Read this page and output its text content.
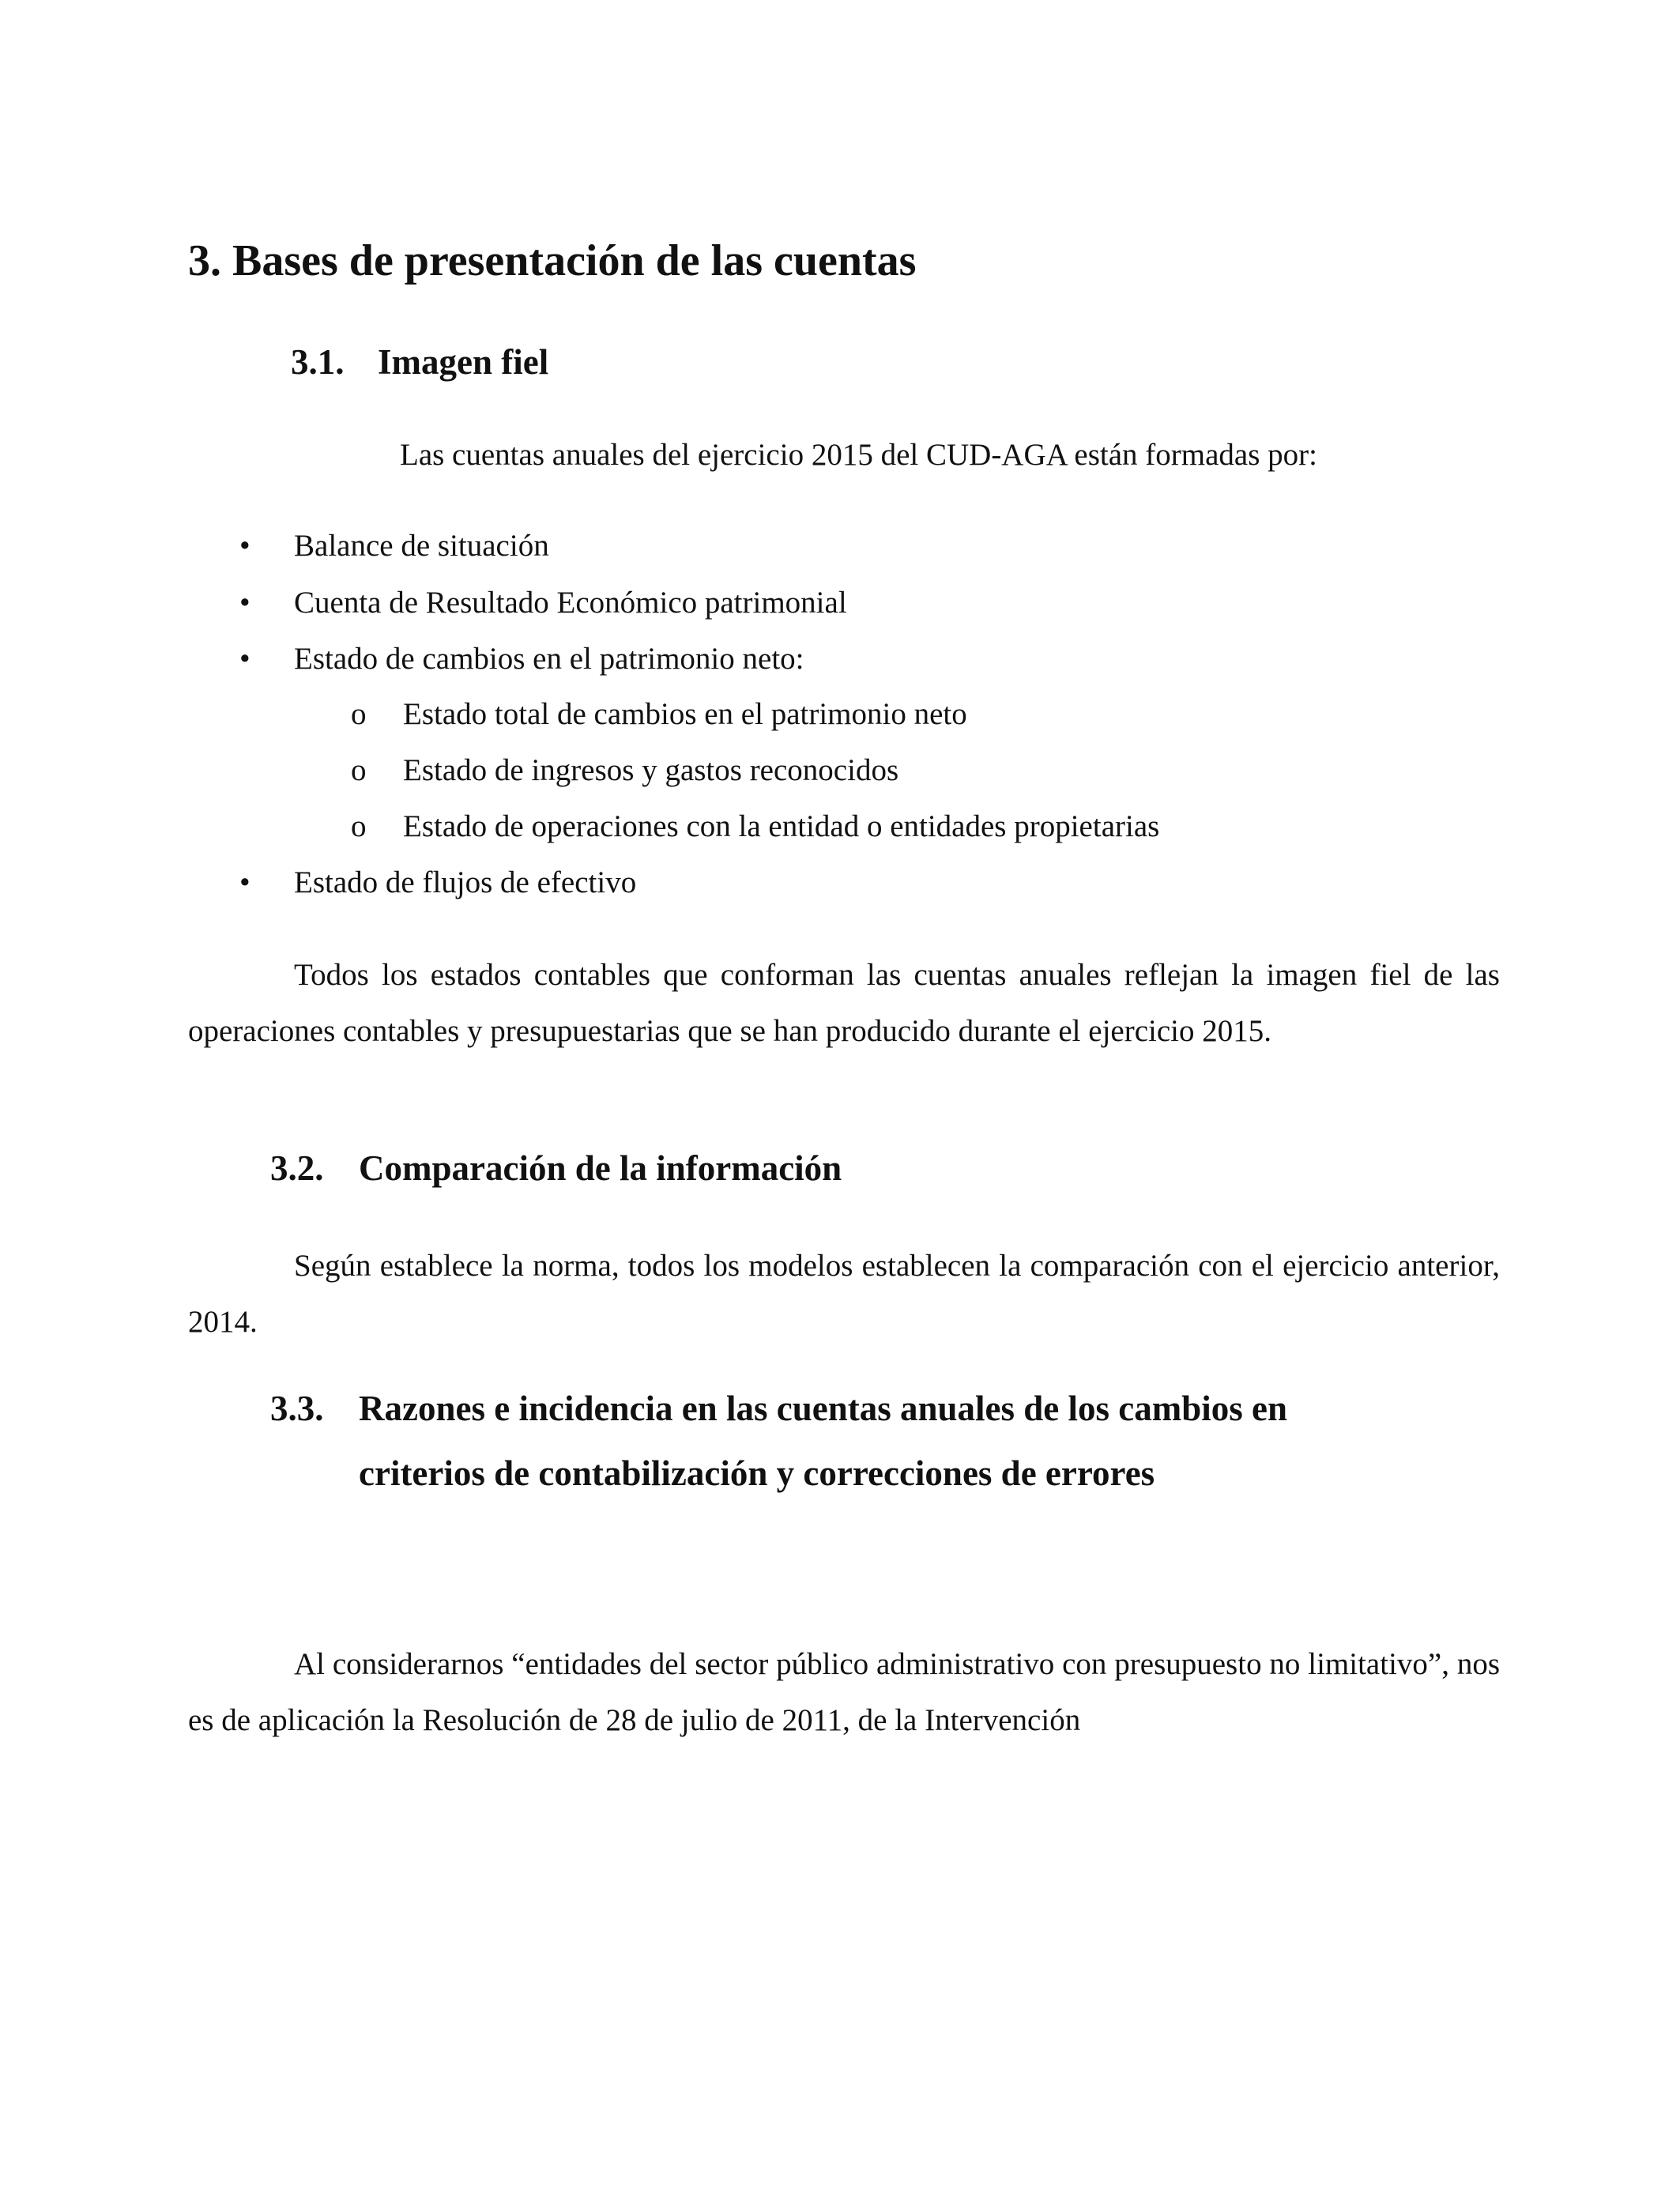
3. Bases de presentación de las cuentas
3.1. Imagen fiel
Las cuentas anuales del ejercicio 2015 del CUD-AGA están formadas por:
• Balance de situación
• Cuenta de Resultado Económico patrimonial
• Estado de cambios en el patrimonio neto:
o Estado total de cambios en el patrimonio neto
o Estado de ingresos y gastos reconocidos
o Estado de operaciones con la entidad o entidades propietarias
• Estado de flujos de efectivo
Todos los estados contables que conforman las cuentas anuales reflejan la imagen fiel de las operaciones contables y presupuestarias que se han producido durante el ejercicio 2015.
3.2. Comparación de la información
Según establece la norma, todos los modelos establecen la comparación con el ejercicio anterior, 2014.
3.3. Razones e incidencia en las cuentas anuales de los cambios en
criterios de contabilización y correcciones de errores
Al considerarnos “entidades del sector público administrativo con presupuesto no limitativo”, nos es de aplicación la Resolución de 28 de julio de 2011, de la Intervención
